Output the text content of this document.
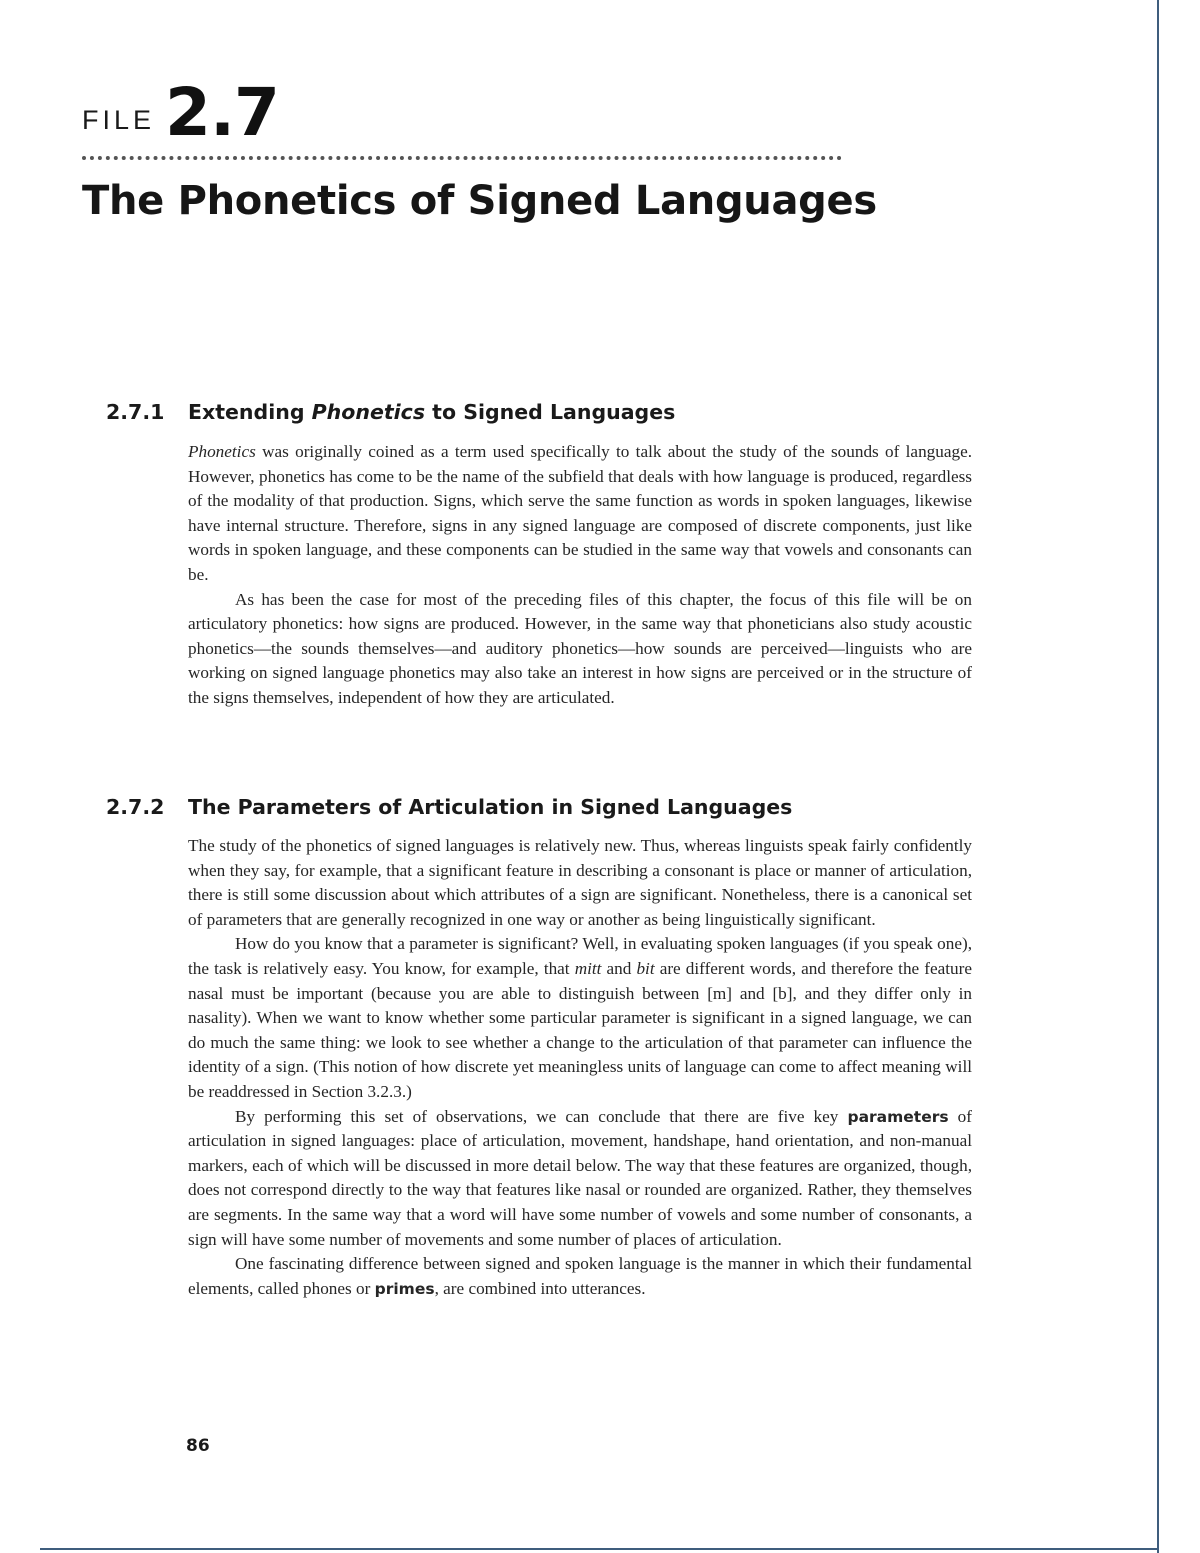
FILE 2.7
The Phonetics of Signed Languages
2.7.1 Extending Phonetics to Signed Languages

Phonetics was originally coined as a term used specifically to talk about the study of the sounds of language. However, phonetics has come to be the name of the subfield that deals with how language is produced, regardless of the modality of that production. Signs, which serve the same function as words in spoken languages, likewise have internal structure. Therefore, signs in any signed language are composed of discrete components, just like words in spoken language, and these components can be studied in the same way that vowels and consonants can be.

As has been the case for most of the preceding files of this chapter, the focus of this file will be on articulatory phonetics: how signs are produced. However, in the same way that phoneticians also study acoustic phonetics—the sounds themselves—and auditory phonetics—how sounds are perceived—linguists who are working on signed language phonetics may also take an interest in how signs are perceived or in the structure of the signs themselves, independent of how they are articulated.

2.7.2 The Parameters of Articulation in Signed Languages

The study of the phonetics of signed languages is relatively new. Thus, whereas linguists speak fairly confidently when they say, for example, that a significant feature in describing a consonant is place or manner of articulation, there is still some discussion about which attributes of a sign are significant. Nonetheless, there is a canonical set of parameters that are generally recognized in one way or another as being linguistically significant.

How do you know that a parameter is significant? Well, in evaluating spoken languages (if you speak one), the task is relatively easy. You know, for example, that mitt and bit are different words, and therefore the feature nasal must be important (because you are able to distinguish between [m] and [b], and they differ only in nasality). When we want to know whether some particular parameter is significant in a signed language, we can do much the same thing: we look to see whether a change to the articulation of that parameter can influence the identity of a sign. (This notion of how discrete yet meaningless units of language can come to affect meaning will be readdressed in Section 3.2.3.)

By performing this set of observations, we can conclude that there are five key parameters of articulation in signed languages: place of articulation, movement, handshape, hand orientation, and non-manual markers, each of which will be discussed in more detail below. The way that these features are organized, though, does not correspond directly to the way that features like nasal or rounded are organized. Rather, they themselves are segments. In the same way that a word will have some number of vowels and some number of consonants, a sign will have some number of movements and some number of places of articulation.

One fascinating difference between signed and spoken language is the manner in which their fundamental elements, called phones or primes, are combined into utterances.

86
